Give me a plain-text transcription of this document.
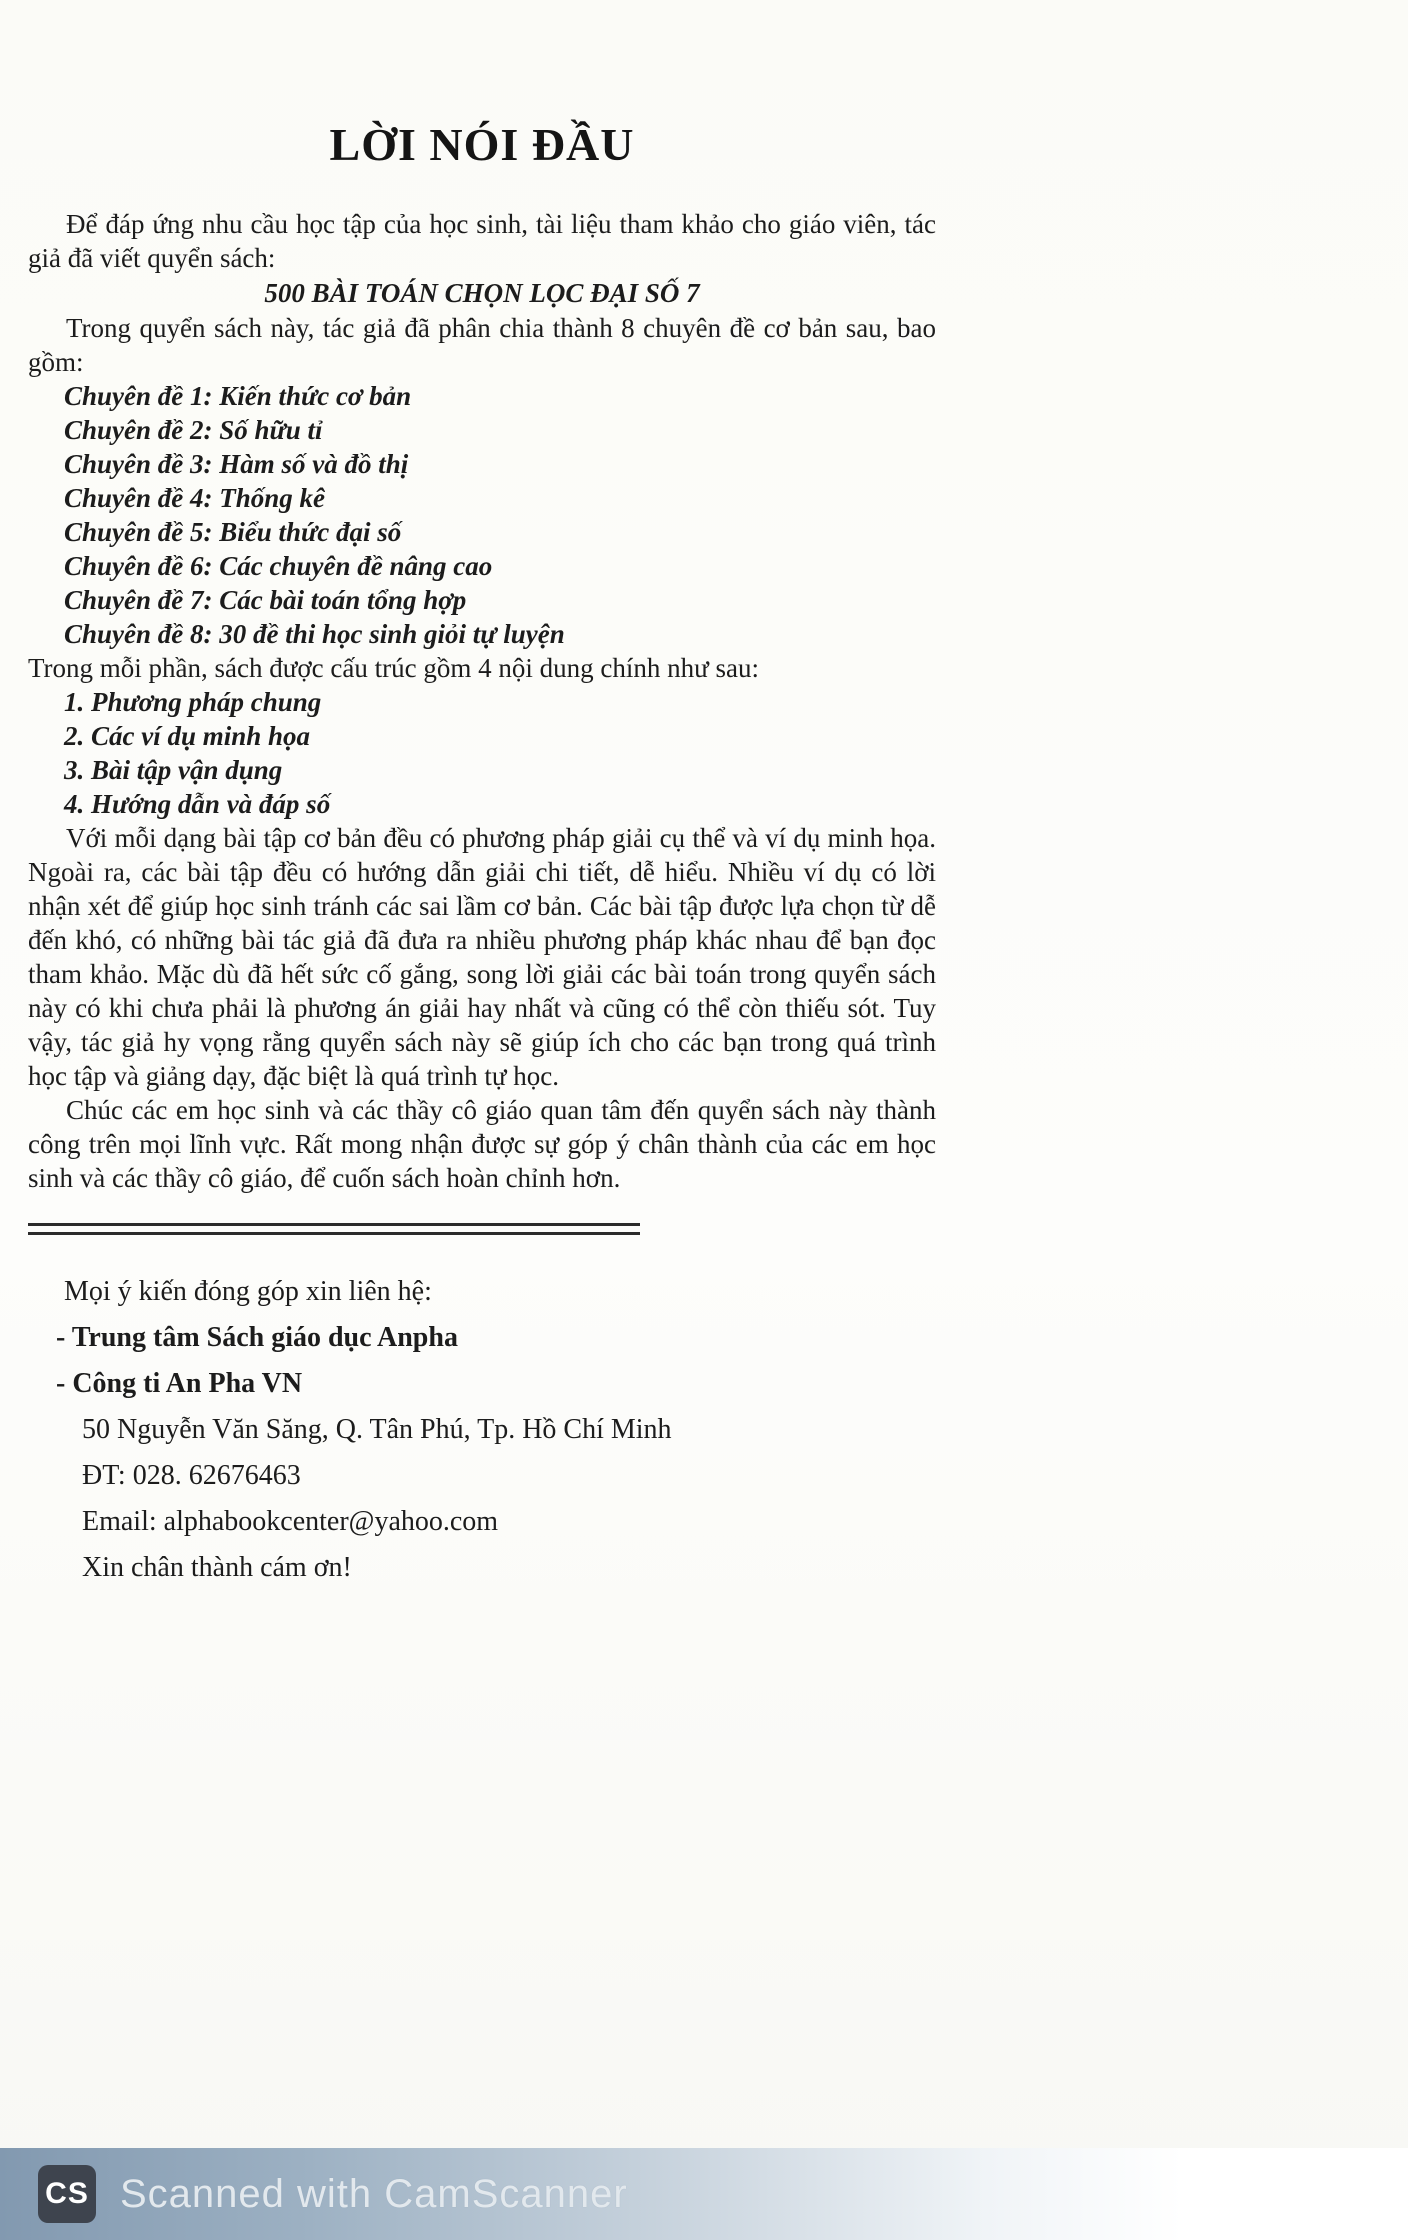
LỜI NÓI ĐẦU

Để đáp ứng nhu cầu học tập của học sinh, tài liệu tham khảo cho giáo viên, tác giả đã viết quyển sách:

500 BÀI TOÁN CHỌN LỌC ĐẠI SỐ 7

Trong quyển sách này, tác giả đã phân chia thành 8 chuyên đề cơ bản sau, bao gồm:

Chuyên đề 1: Kiến thức cơ bản
Chuyên đề 2: Số hữu tỉ
Chuyên đề 3: Hàm số và đồ thị
Chuyên đề 4: Thống kê
Chuyên đề 5: Biểu thức đại số
Chuyên đề 6: Các chuyên đề nâng cao
Chuyên đề 7: Các bài toán tổng hợp
Chuyên đề 8: 30 đề thi học sinh giỏi tự luyện

Trong mỗi phần, sách được cấu trúc gồm 4 nội dung chính như sau:

1. Phương pháp chung
2. Các ví dụ minh họa
3. Bài tập vận dụng
4. Hướng dẫn và đáp số

Với mỗi dạng bài tập cơ bản đều có phương pháp giải cụ thể và ví dụ minh họa. Ngoài ra, các bài tập đều có hướng dẫn giải chi tiết, dễ hiểu. Nhiều ví dụ có lời nhận xét để giúp học sinh tránh các sai lầm cơ bản. Các bài tập được lựa chọn từ dễ đến khó, có những bài tác giả đã đưa ra nhiều phương pháp khác nhau để bạn đọc tham khảo. Mặc dù đã hết sức cố gắng, song lời giải các bài toán trong quyển sách này có khi chưa phải là phương án giải hay nhất và cũng có thể còn thiếu sót. Tuy vậy, tác giả hy vọng rằng quyển sách này sẽ giúp ích cho các bạn trong quá trình học tập và giảng dạy, đặc biệt là quá trình tự học.

Chúc các em học sinh và các thầy cô giáo quan tâm đến quyển sách này thành công trên mọi lĩnh vực. Rất mong nhận được sự góp ý chân thành của các em học sinh và các thầy cô giáo, để cuốn sách hoàn chỉnh hơn.

Mọi ý kiến đóng góp xin liên hệ:
- Trung tâm Sách giáo dục Anpha
- Công ti An Pha VN
50 Nguyễn Văn Săng, Q. Tân Phú, Tp. Hồ Chí Minh
ĐT: 028. 62676463
Email: alphabookcenter@yahoo.com
Xin chân thành cám ơn!
CS Scanned with CamScanner
